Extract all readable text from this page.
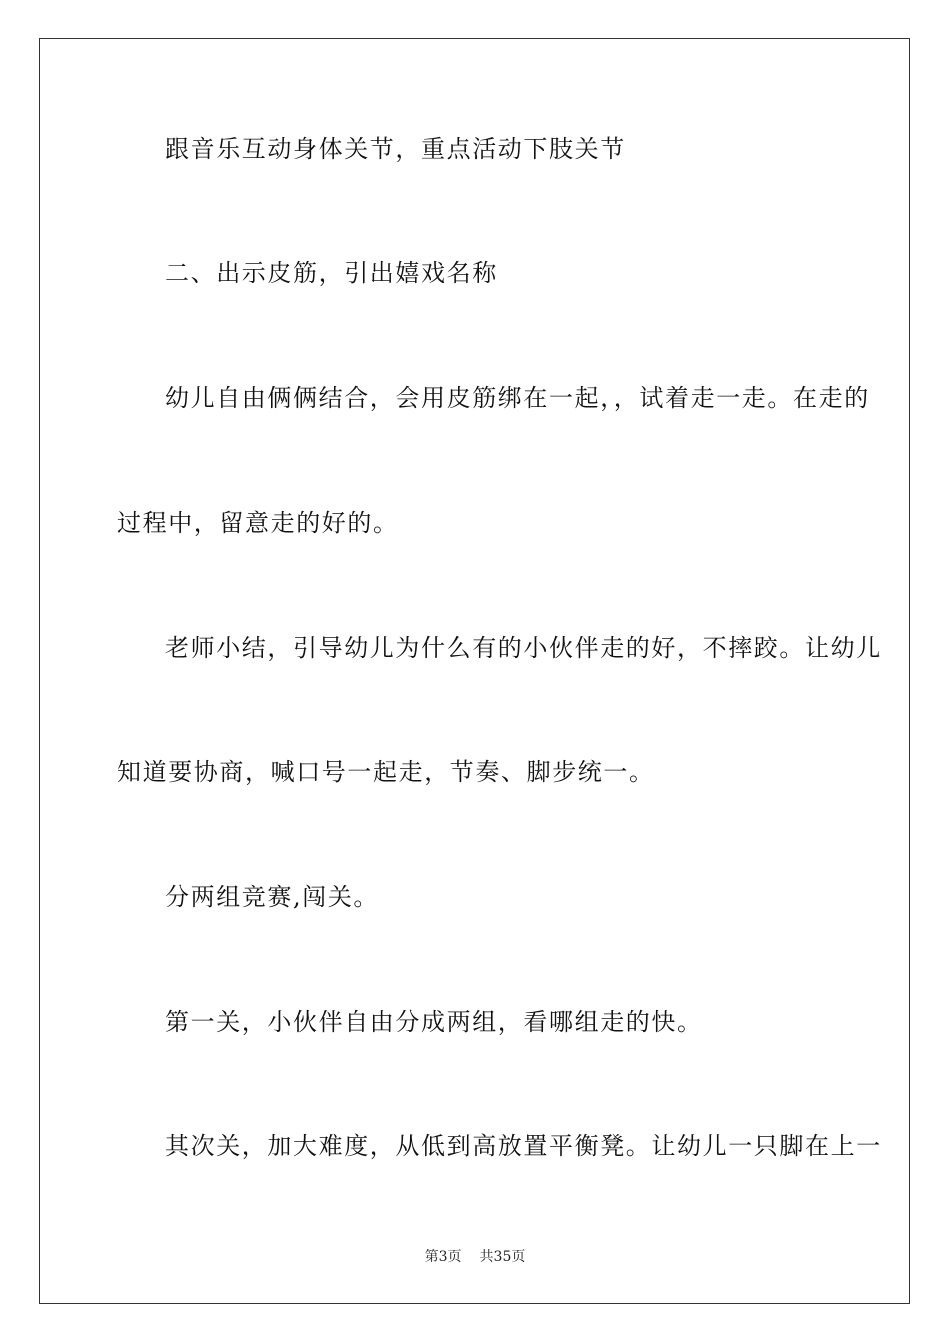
跟音乐互动身体关节，重点活动下肢关节
二、出示皮筋，引出嬉戏名称
幼儿自由俩俩结合，会用皮筋绑在一起，，试着走一走。在走的
过程中，留意走的好的。
老师小结，引导幼儿为什么有的小伙伴走的好，不摔跤。让幼儿
知道要协商，喊口号一起走，节奏、脚步统一。
分两组竞赛,闯关。
第一关，小伙伴自由分成两组，看哪组走的快。
其次关，加大难度，从低到高放置平衡凳。让幼儿一只脚在上一
第3页 共35页
